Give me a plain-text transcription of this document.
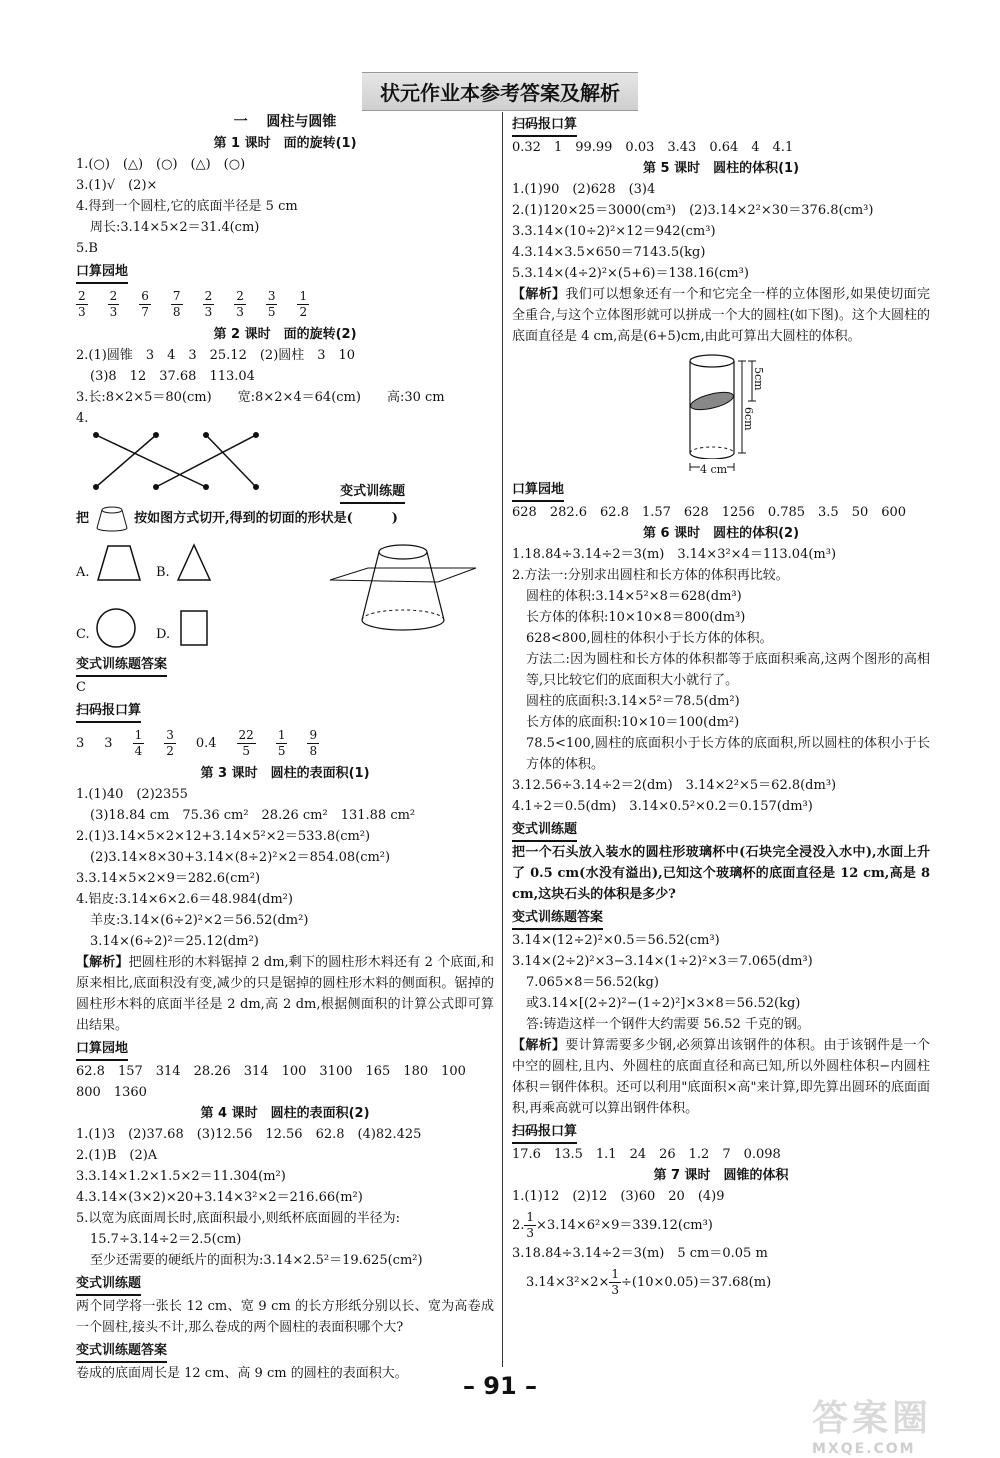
状元作业本参考答案及解析
一　 圆柱与圆锥
第 1 课时　面的旋转(1)
1.(○)　(△)　(○)　(△)　(○)
3.(1)√　(2)×
4.得到一个圆柱,它的底面半径是 5 cm
周长:3.14×5×2＝31.4(cm)
5.B
口算园地
$\frac{2}{3} \frac{2}{3} \frac{6}{7} \frac{7}{8} \frac{2}{3} \frac{2}{3} \frac{3}{5} \frac{1}{2}$
第 2 课时　面的旋转(2)
2.(1)圆锥　3　4　3　25.12　(2)圆柱　3　10
(3)8　12　37.68　113.04
3.长:8×2×5＝80(cm)　　宽:8×2×4＝64(cm)　　高:30 cm
4.
变式训练题
把	按如图方式切开,得到的切面的形状是(　　　)
A.	B.
C.	D.
变式训练题答案
C
扫码报口算
3 $3 \frac{1}{4} \frac{3}{2} 0.4 \frac{22}{5} \frac{1}{5} \frac{9}{8}$
第 3 课时　圆柱的表面积(1)
1.(1)40　(2)2355
(3)18.84 cm　75.36 cm²　28.26 cm²　131.88 cm²
2.(1)3.14×5×2×12+3.14×5²×2＝533.8(cm²)
(2)3.14×8×30+3.14×(8÷2)²×2＝854.08(cm²)
3.3.14×5×2×9＝282.6(cm²)
4.铝皮:3.14×6×2.6＝48.984(dm²)
羊皮:3.14×(6÷2)²×2＝56.52(dm²)
3.14×(6÷2)²＝25.12(dm²)
【解析】把圆柱形的木料锯掉 2 dm,剩下的圆柱形木料还有 2 个底面,和原来相比,底面积没有变,减少的只是锯掉的圆柱形木料的侧面积。锯掉的圆柱形木料的底面半径是 2 dm,高 2 dm,根据侧面积的计算公式即可算出结果。
口算园地
62.8　157　314　28.26　314　100　3100　165　180　100
800　1360
第 4 课时　圆柱的表面积(2)
1.(1)3　(2)37.68　(3)12.56　12.56　62.8　(4)82.425
2.(1)B　(2)A
3.3.14×1.2×1.5×2＝11.304(m²)
4.3.14×(3×2)×20+3.14×3²×2＝216.66(m²)
5.以宽为底面周长时,底面积最小,则纸杯底面圆的半径为:
15.7÷3.14÷2＝2.5(cm)
至少还需要的硬纸片的面积为:3.14×2.5²＝19.625(cm²)
变式训练题
两个同学将一张长 12 cm、宽 9 cm 的长方形纸分别以长、宽为高卷成一个圆柱,接头不计,那么卷成的两个圆柱的表面积哪个大?
变式训练题答案
卷成的底面周长是 12 cm、高 9 cm 的圆柱的表面积大。
扫码报口算
0.32　1　99.99　0.03　3.43　0.64　4　4.1
第 5 课时　圆柱的体积(1)
1.(1)90　(2)628　(3)4
2.(1)120×25＝3000(cm³)　(2)3.14×2²×30＝376.8(cm³)
3.3.14×(10÷2)²×12＝942(cm³)
4.3.14×3.5×650＝7143.5(kg)
5.3.14×(4÷2)²×(5+6)＝138.16(cm³)
【解析】我们可以想象还有一个和它完全一样的立体图形,如果使切面完全重合,与这个立体图形就可以拼成一个大的圆柱(如下图)。这个大圆柱的底面直径是 4 cm,高是(6+5)cm,由此可算出大圆柱的体积。
6cm
5cm
4 cm
口算园地
628　282.6　62.8　1.57　628　1256　0.785　3.5　50　600
第 6 课时　圆柱的体积(2)
1.18.84÷3.14÷2＝3(m)　3.14×3²×4＝113.04(m³)
2.方法一:分别求出圆柱和长方体的体积再比较。
圆柱的体积:3.14×5²×8＝628(dm³)
长方体的体积:10×10×8＝800(dm³)
628<800,圆柱的体积小于长方体的体积。
方法二:因为圆柱和长方体的体积都等于底面积乘高,这两个图形的高相等,只比较它们的底面积大小就行了。
圆柱的底面积:3.14×5²＝78.5(dm²)
长方体的底面积:10×10＝100(dm²)
78.5<100,圆柱的底面积小于长方体的底面积,所以圆柱的体积小于长方体的体积。
3.12.56÷3.14÷2＝2(dm)　3.14×2²×5＝62.8(dm³)
4.1÷2＝0.5(dm)　3.14×0.5²×0.2＝0.157(dm³)
变式训练题
把一个石头放入装水的圆柱形玻璃杯中(石块完全浸没入水中),水面上升了 0.5 cm(水没有溢出),已知这个玻璃杯的底面直径是 12 cm,高是 8 cm,这块石头的体积是多少?
变式训练题答案
3.14×(12÷2)²×0.5＝56.52(cm³)
3.14×(2÷2)²×3−3.14×(1÷2)²×3＝7.065(dm³)
7.065×8＝56.52(kg)
或3.14×[(2÷2)²−(1÷2)²]×3×8＝56.52(kg)
答:铸造这样一个钢件大约需要 56.52 千克的钢。
【解析】要计算需要多少钢,必须算出该钢件的体积。由于该钢件是一个中空的圆柱,且内、外圆柱的底面直径和高已知,所以外圆柱体积−内圆柱体积＝钢件体积。还可以利用"底面积×高"来计算,即先算出圆环的底面面积,再乘高就可以算出钢件体积。
扫码报口算
17.6　13.5　1.1　24　26　1.2　7　0.098
第 7 课时　圆锥的体积
1.(1)12　(2)12　(3)60　20　(4)9
2. $\frac{1}{3} \times 3.14\times 6^2\times 9=339.12(cm^3)$
3.18.84÷3.14÷2＝3(m)　5 cm＝0.05 m
$3.14\times 3^2\times 2\times \frac{1}{3} \div(10\times 0.05)=37.68(m)$
– 91 –
答案圈
MXQE.COM
